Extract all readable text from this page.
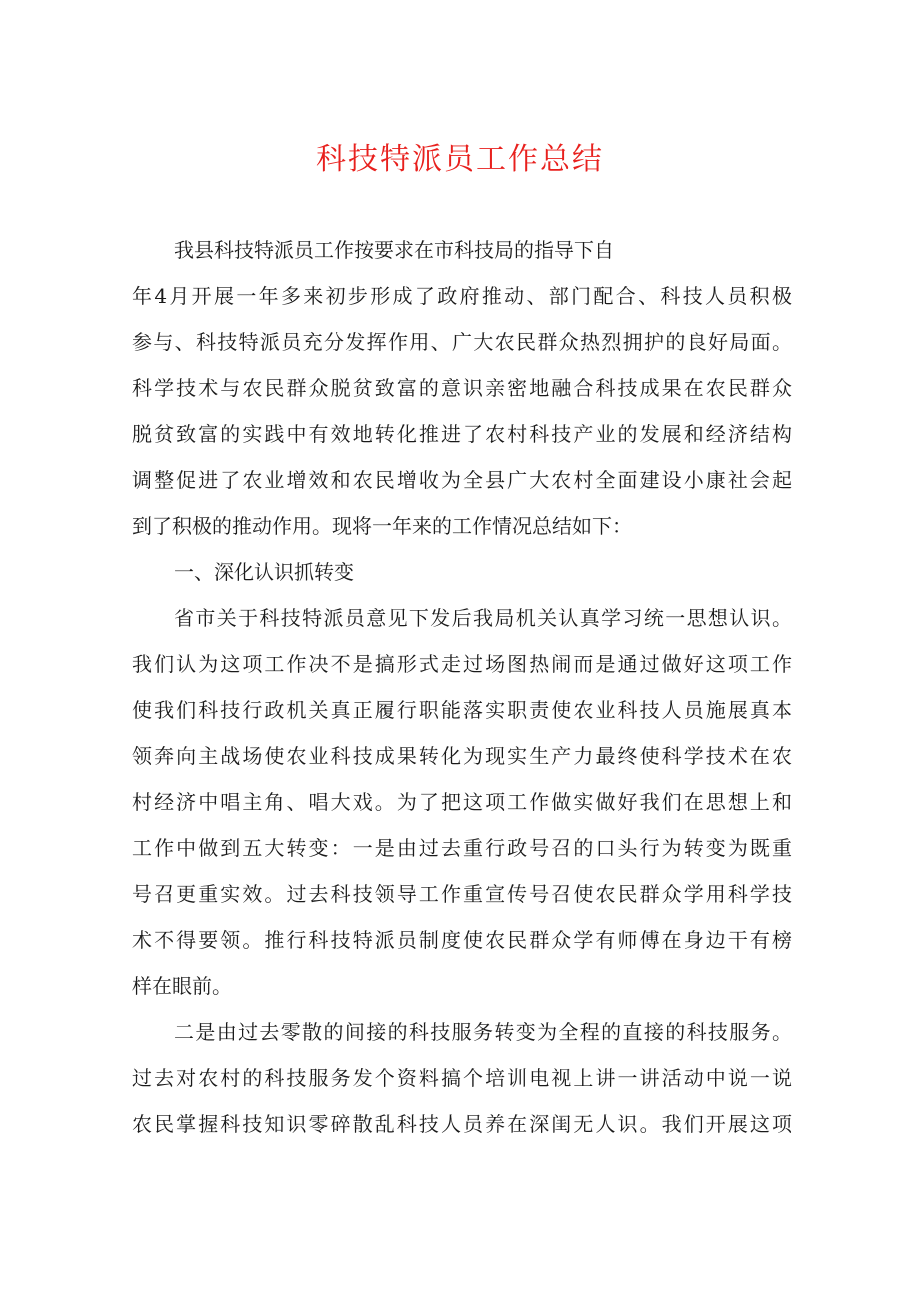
科技特派员工作总结
我县科技特派员工作按要求在市科技局的指导下自
年4月开展一年多来初步形成了政府推动、部门配合、科技人员积极
参与、科技特派员充分发挥作用、广大农民群众热烈拥护的良好局面。
科学技术与农民群众脱贫致富的意识亲密地融合科技成果在农民群众
脱贫致富的实践中有效地转化推进了农村科技产业的发展和经济结构
调整促进了农业增效和农民增收为全县广大农村全面建设小康社会起
到了积极的推动作用。现将一年来的工作情况总结如下：
一、深化认识抓转变
省市关于科技特派员意见下发后我局机关认真学习统一思想认识。
我们认为这项工作决不是搞形式走过场图热闹而是通过做好这项工作
使我们科技行政机关真正履行职能落实职责使农业科技人员施展真本
领奔向主战场使农业科技成果转化为现实生产力最终使科学技术在农
村经济中唱主角、唱大戏。为了把这项工作做实做好我们在思想上和
工作中做到五大转变：一是由过去重行政号召的口头行为转变为既重
号召更重实效。过去科技领导工作重宣传号召使农民群众学用科学技
术不得要领。推行科技特派员制度使农民群众学有师傅在身边干有榜
样在眼前。
二是由过去零散的间接的科技服务转变为全程的直接的科技服务。
过去对农村的科技服务发个资料搞个培训电视上讲一讲活动中说一说
农民掌握科技知识零碎散乱科技人员养在深闺无人识。我们开展这项
